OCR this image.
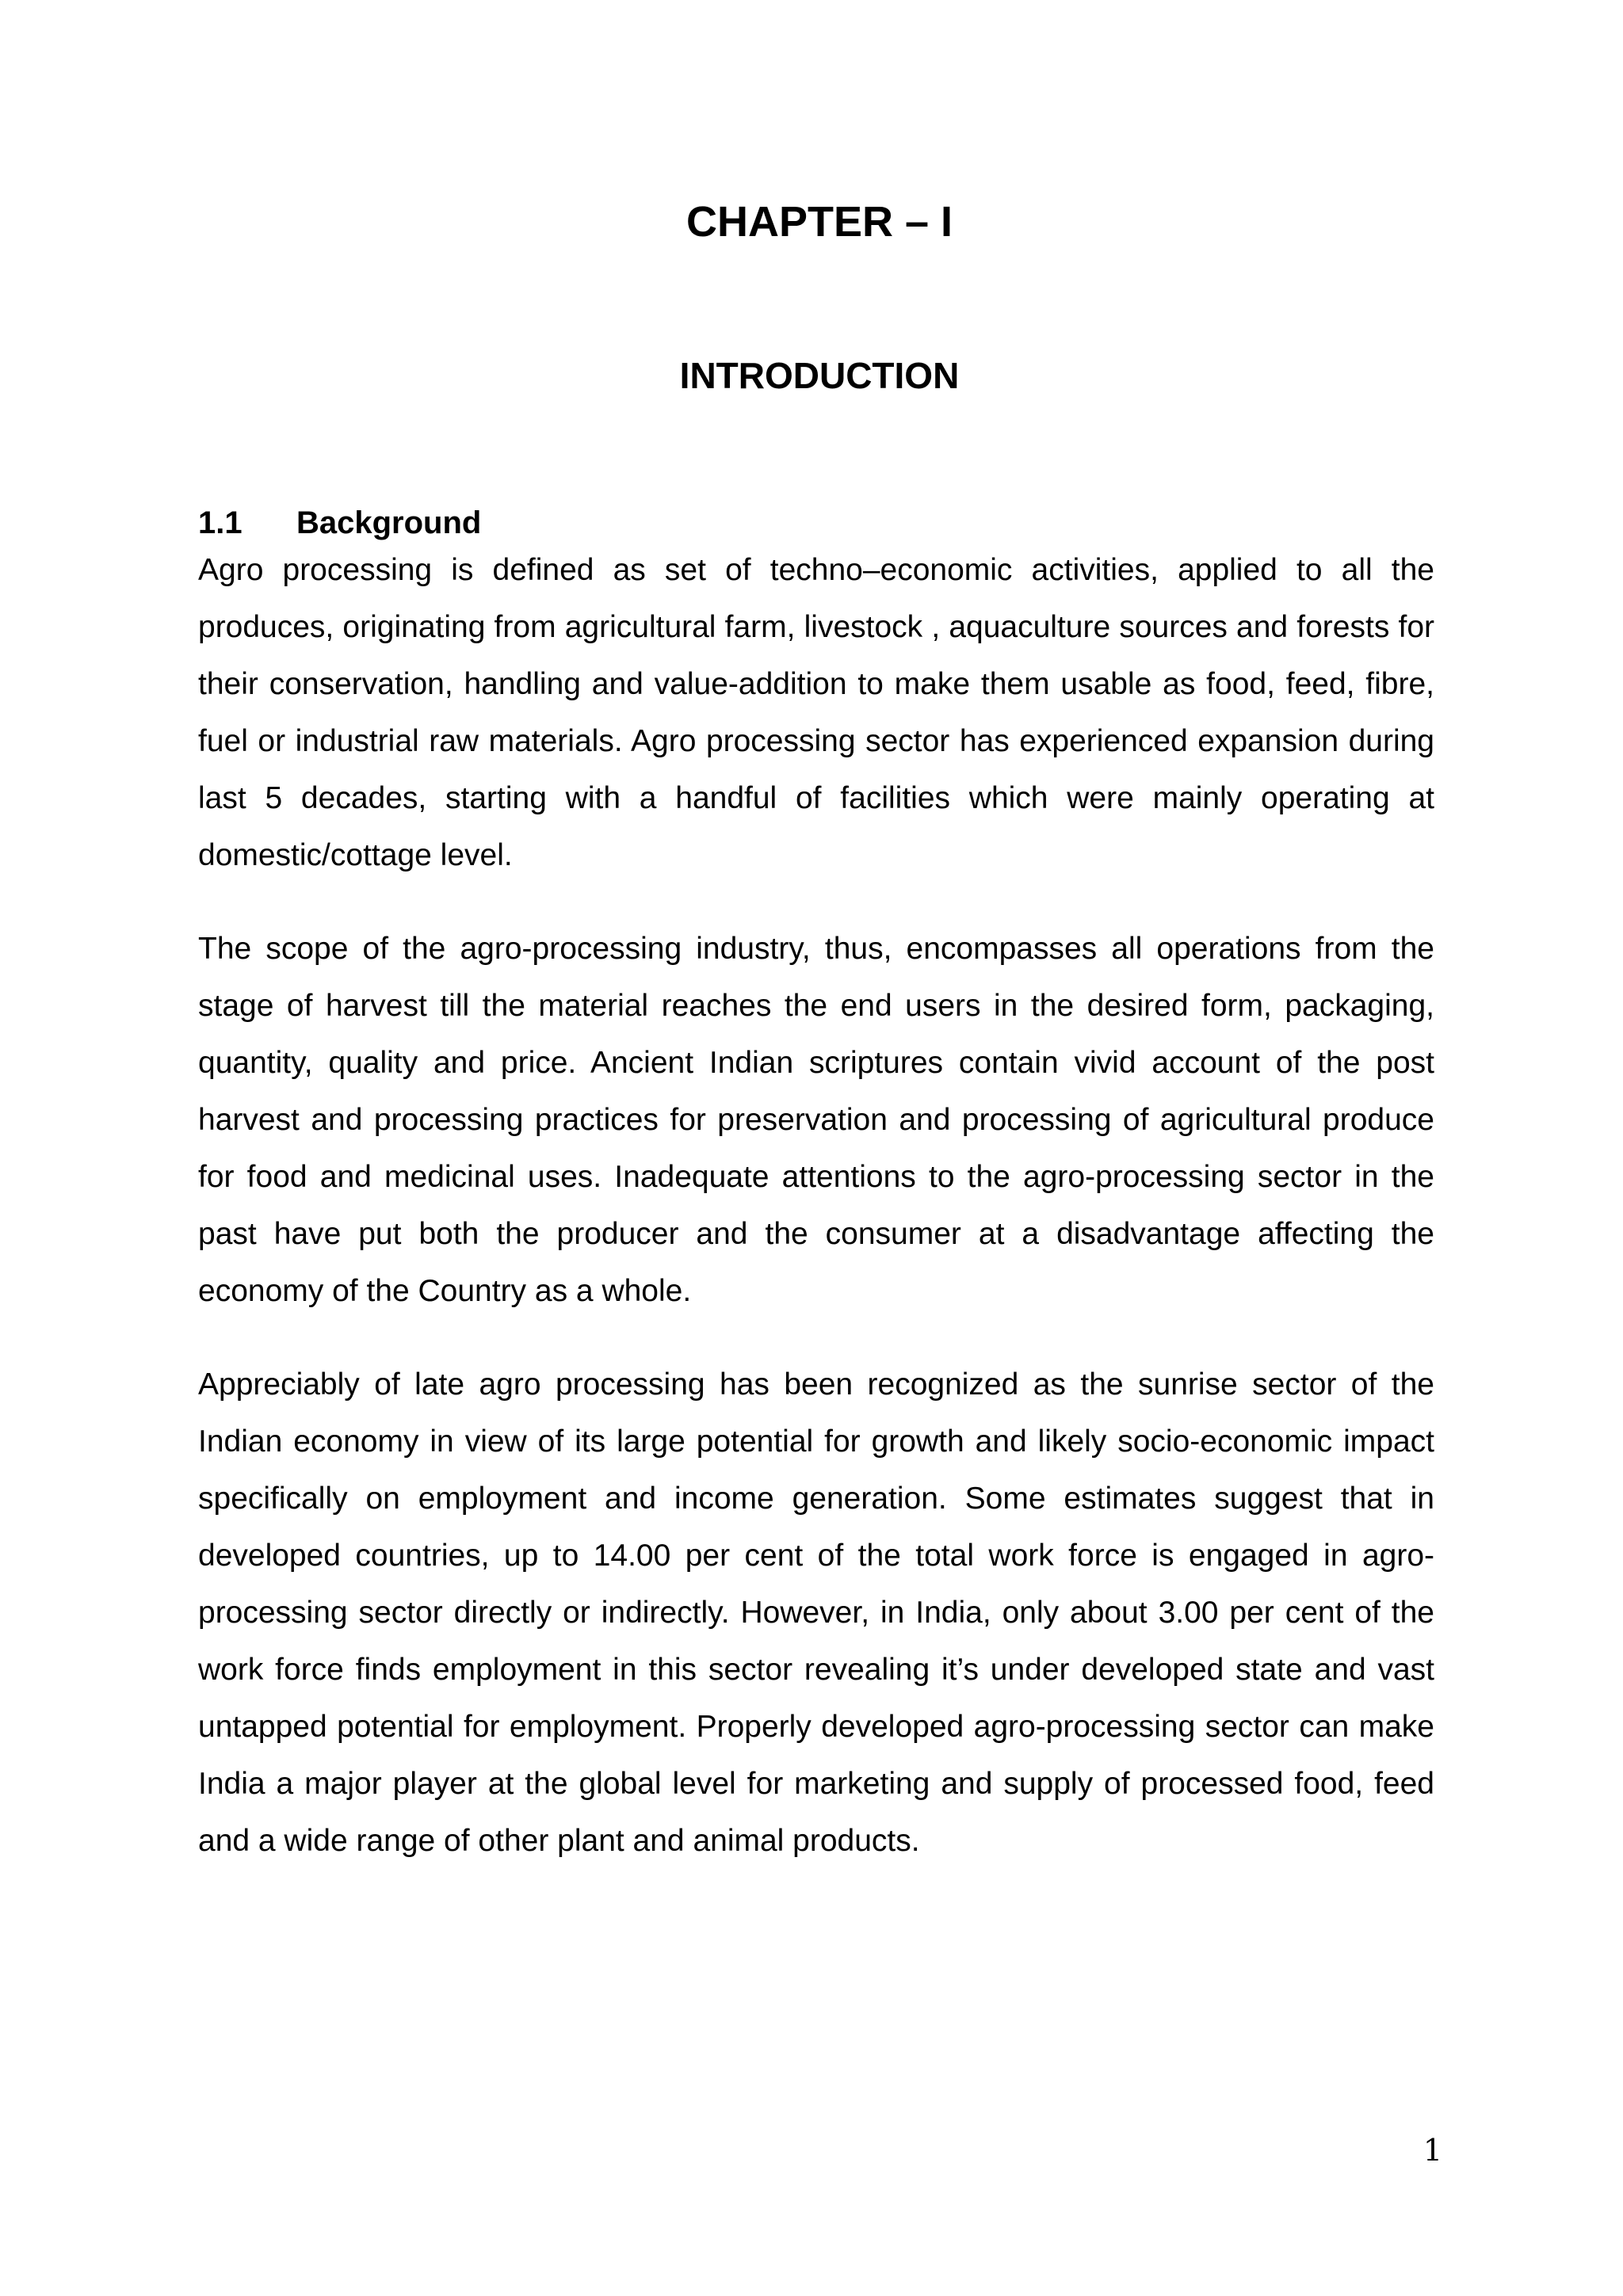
CHAPTER – I
INTRODUCTION
1.1	Background

Agro processing is defined as set of techno–economic activities, applied to all the produces, originating from agricultural farm, livestock , aquaculture sources and forests for their conservation, handling and value-addition to make them usable as food, feed, fibre, fuel or industrial raw materials. Agro processing sector has experienced expansion during last 5 decades, starting with a handful of facilities which were mainly operating at domestic/cottage level.

The scope of the agro-processing industry, thus, encompasses all operations from the stage of harvest till the material reaches the end users in the desired form, packaging, quantity, quality and price. Ancient Indian scriptures contain vivid account of the post harvest and processing practices for preservation and processing of agricultural produce for food and medicinal uses. Inadequate attentions to the agro-processing sector in the past have put both the producer and the consumer at a disadvantage affecting the economy of the Country as a whole.

Appreciably of late agro processing has been recognized as the sunrise sector of the Indian economy in view of its large potential for growth and likely socio-economic impact specifically on employment and income generation. Some estimates suggest that in developed countries, up to 14.00 per cent of the total work force is engaged in agro-processing sector directly or indirectly. However, in India, only about 3.00 per cent of the work force finds employment in this sector revealing it’s under developed state and vast untapped potential for employment. Properly developed agro-processing sector can make India a major player at the global level for marketing and supply of processed food, feed and a wide range of other plant and animal products.

1
